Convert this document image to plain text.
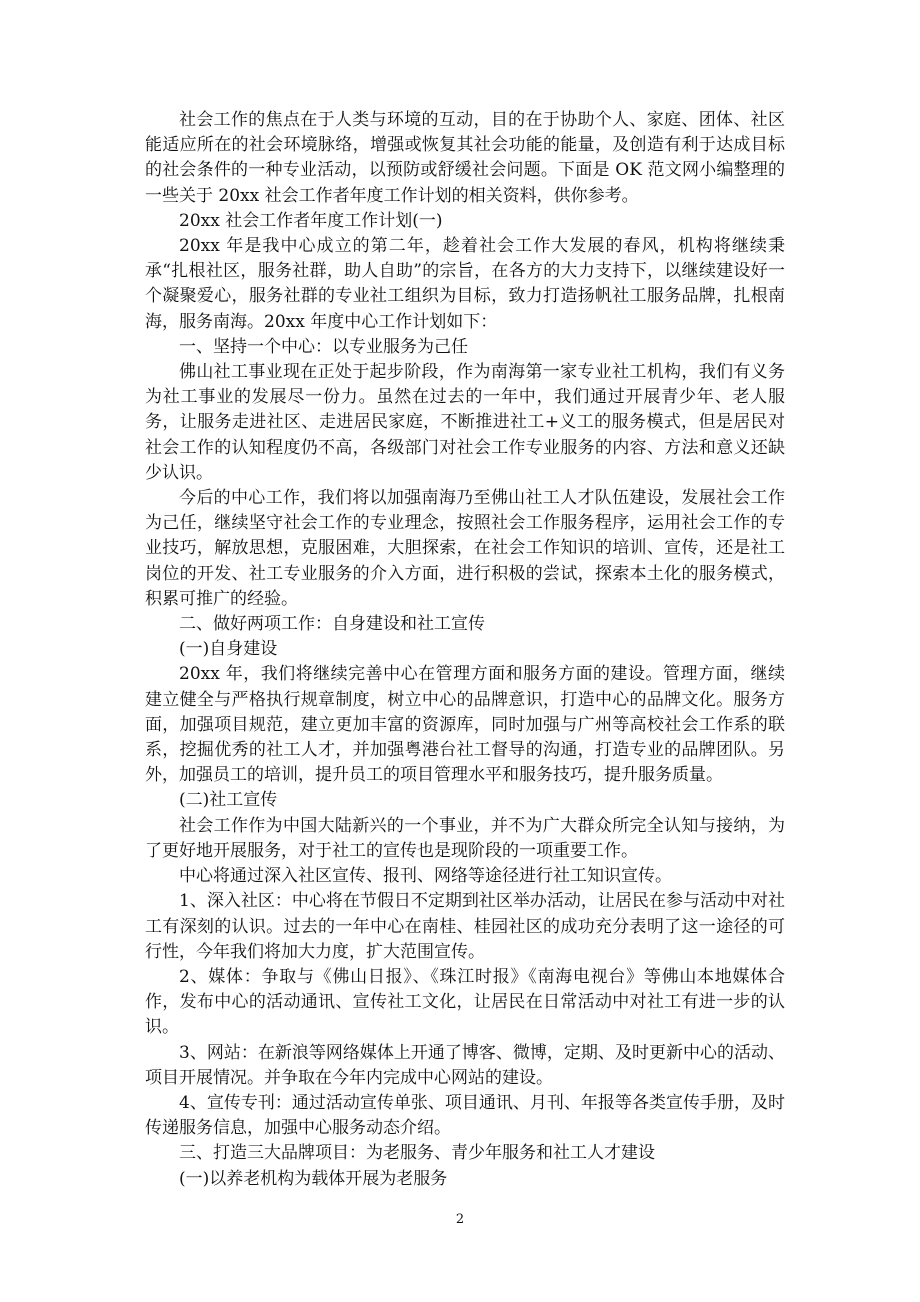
社会工作的焦点在于人类与环境的互动，目的在于协助个人、家庭、团体、社区能适应所在的社会环境脉络，增强或恢复其社会功能的能量，及创造有利于达成目标的社会条件的一种专业活动，以预防或舒缓社会问题。下面是 OK 范文网小编整理的一些关于 20xx 社会工作者年度工作计划的相关资料，供你参考。

20xx 社会工作者年度工作计划(一)

20xx 年是我中心成立的第二年，趁着社会工作大发展的春风，机构将继续秉承“扎根社区，服务社群，助人自助”的宗旨，在各方的大力支持下，以继续建设好一个凝聚爱心，服务社群的专业社工组织为目标，致力打造扬帆社工服务品牌，扎根南海，服务南海。20xx 年度中心工作计划如下：

一、坚持一个中心：以专业服务为己任

佛山社工事业现在正处于起步阶段，作为南海第一家专业社工机构，我们有义务为社工事业的发展尽一份力。虽然在过去的一年中，我们通过开展青少年、老人服务，让服务走进社区、走进居民家庭，不断推进社工+义工的服务模式，但是居民对社会工作的认知程度仍不高，各级部门对社会工作专业服务的内容、方法和意义还缺少认识。

今后的中心工作，我们将以加强南海乃至佛山社工人才队伍建设，发展社会工作为己任，继续坚守社会工作的专业理念，按照社会工作服务程序，运用社会工作的专业技巧，解放思想，克服困难，大胆探索，在社会工作知识的培训、宣传，还是社工岗位的开发、社工专业服务的介入方面，进行积极的尝试，探索本土化的服务模式，积累可推广的经验。

二、做好两项工作：自身建设和社工宣传

(一)自身建设

20xx 年，我们将继续完善中心在管理方面和服务方面的建设。管理方面，继续建立健全与严格执行规章制度，树立中心的品牌意识，打造中心的品牌文化。服务方面，加强项目规范，建立更加丰富的资源库，同时加强与广州等高校社会工作系的联系，挖掘优秀的社工人才，并加强粤港台社工督导的沟通，打造专业的品牌团队。另外，加强员工的培训，提升员工的项目管理水平和服务技巧，提升服务质量。

(二)社工宣传

社会工作作为中国大陆新兴的一个事业，并不为广大群众所完全认知与接纳，为了更好地开展服务，对于社工的宣传也是现阶段的一项重要工作。

中心将通过深入社区宣传、报刊、网络等途径进行社工知识宣传。

1、深入社区：中心将在节假日不定期到社区举办活动，让居民在参与活动中对社工有深刻的认识。过去的一年中心在南桂、桂园社区的成功充分表明了这一途径的可行性，今年我们将加大力度，扩大范围宣传。

2、媒体：争取与《佛山日报》、《珠江时报》《南海电视台》等佛山本地媒体合作，发布中心的活动通讯、宣传社工文化，让居民在日常活动中对社工有进一步的认识。

3、网站：在新浪等网络媒体上开通了博客、微博，定期、及时更新中心的活动、项目开展情况。并争取在今年内完成中心网站的建设。

4、宣传专刊：通过活动宣传单张、项目通讯、月刊、年报等各类宣传手册，及时传递服务信息，加强中心服务动态介绍。

三、打造三大品牌项目：为老服务、青少年服务和社工人才建设

(一)以养老机构为载体开展为老服务

2
